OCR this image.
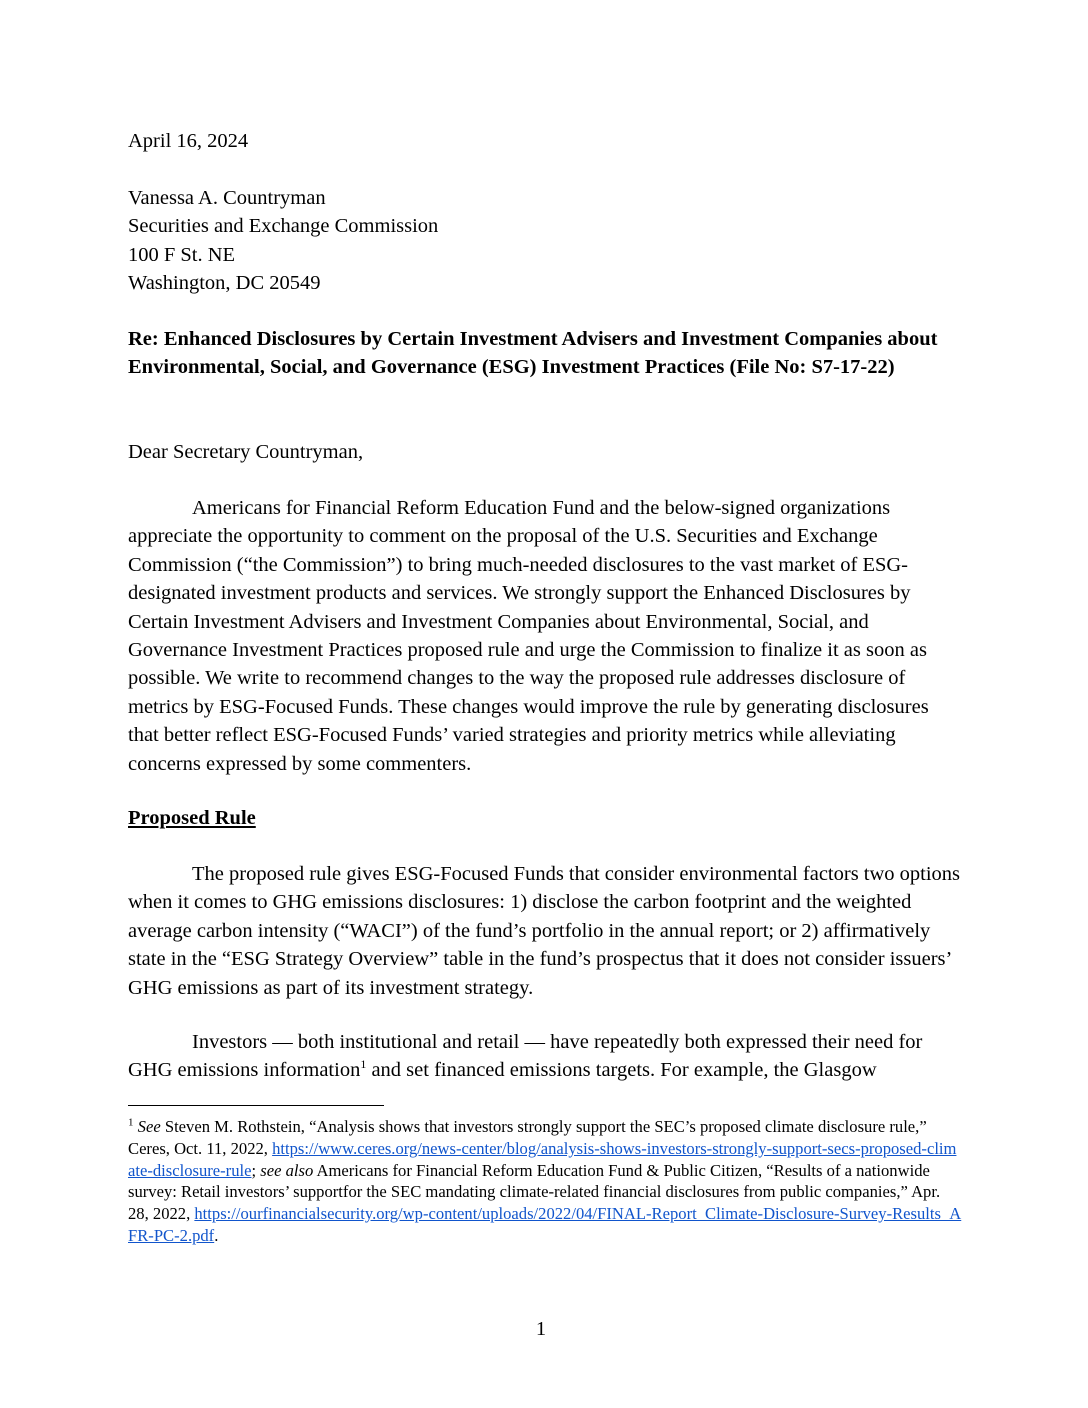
April 16, 2024
Vanessa A. Countryman
Securities and Exchange Commission
100 F St. NE
Washington, DC 20549
Re: Enhanced Disclosures by Certain Investment Advisers and Investment Companies about Environmental, Social, and Governance (ESG) Investment Practices (File No: S7-17-22)
Dear Secretary Countryman,
Americans for Financial Reform Education Fund and the below-signed organizations appreciate the opportunity to comment on the proposal of the U.S. Securities and Exchange Commission (“the Commission”) to bring much-needed disclosures to the vast market of ESG-designated investment products and services. We strongly support the Enhanced Disclosures by Certain Investment Advisers and Investment Companies about Environmental, Social, and Governance Investment Practices proposed rule and urge the Commission to finalize it as soon as possible. We write to recommend changes to the way the proposed rule addresses disclosure of metrics by ESG-Focused Funds. These changes would improve the rule by generating disclosures that better reflect ESG-Focused Funds’ varied strategies and priority metrics while alleviating concerns expressed by some commenters.
Proposed Rule
The proposed rule gives ESG-Focused Funds that consider environmental factors two options when it comes to GHG emissions disclosures: 1) disclose the carbon footprint and the weighted average carbon intensity (“WACI”) of the fund’s portfolio in the annual report; or 2) affirmatively state in the “ESG Strategy Overview” table in the fund’s prospectus that it does not consider issuers’ GHG emissions as part of its investment strategy.
Investors — both institutional and retail — have repeatedly both expressed their need for GHG emissions information$^1$ and set financed emissions targets. For example, the Glasgow
$^1$ See Steven M. Rothstein, “Analysis shows that investors strongly support the SEC’s proposed climate disclosure rule,” Ceres, Oct. 11, 2022, https://www.ceres.org/news-center/blog/analysis-shows-investors-strongly-support-secs-proposed-climate-disclosure-rule; see also Americans for Financial Reform Education Fund & Public Citizen, “Results of a nationwide survey: Retail investors’ supportfor the SEC mandating climate-related financial disclosures from public companies,” Apr. 28, 2022, https://ourfinancialsecurity.org/wp-content/uploads/2022/04/FINAL-Report_Climate-Disclosure-Survey-Results_AFR-PC-2.pdf.
1
